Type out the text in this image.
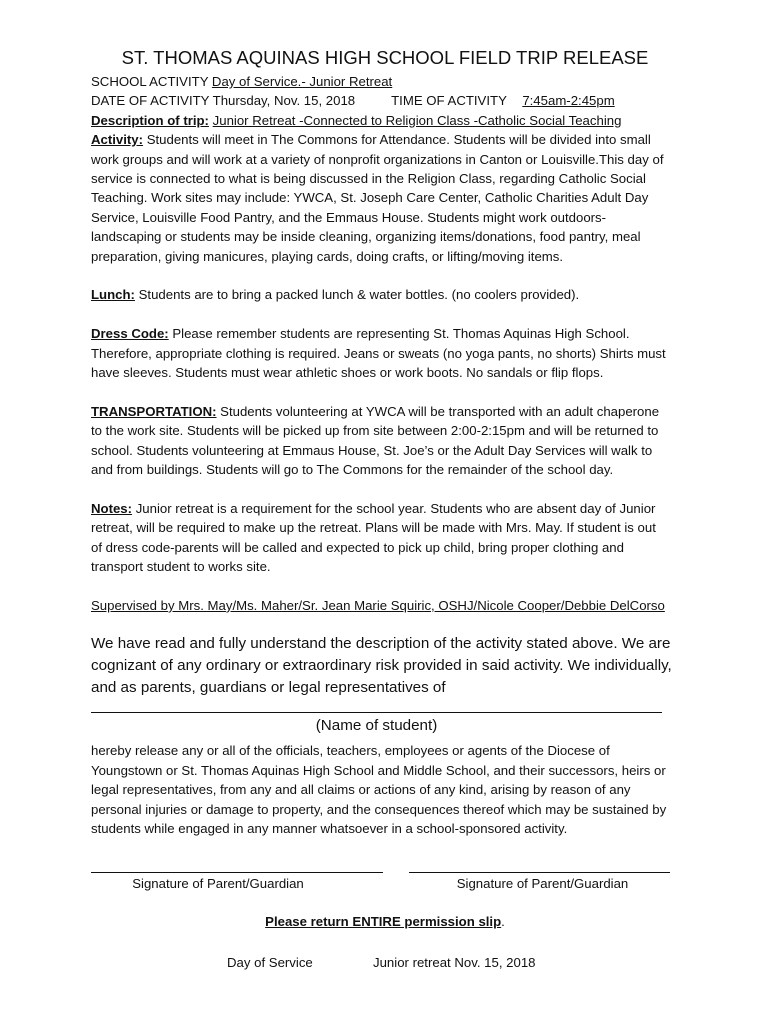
ST. THOMAS AQUINAS HIGH SCHOOL FIELD TRIP RELEASE

SCHOOL ACTIVITY Day of Service.- Junior Retreat

DATE OF ACTIVITY Thursday, Nov. 15, 2018	TIME OF ACTIVITY 7:45am-2:45pm

Description of trip: Junior Retreat -Connected to Religion Class -Catholic Social Teaching

Activity: Students will meet in The Commons for Attendance. Students will be divided into small
work groups and will work at a variety of nonprofit organizations in Canton or Louisville.This day of
service is connected to what is being discussed in the Religion Class, regarding Catholic Social
Teaching. Work sites may include: YWCA, St. Joseph Care Center, Catholic Charities Adult Day
Service, Louisville Food Pantry, and the Emmaus House. Students might work outdoors-
landscaping or students may be inside cleaning, organizing items/donations, food pantry, meal
preparation, giving manicures, playing cards, doing crafts, or lifting/moving items.

Lunch: Students are to bring a packed lunch & water bottles. (no coolers provided).

Dress Code: Please remember students are representing St. Thomas Aquinas High School.
Therefore, appropriate clothing is required. Jeans or sweats (no yoga pants, no shorts) Shirts must
have sleeves. Students must wear athletic shoes or work boots. No sandals or flip flops.

TRANSPORTATION: Students volunteering at YWCA will be transported with an adult chaperone
to the work site. Students will be picked up from site between 2:00-2:15pm and will be returned to
school. Students volunteering at Emmaus House, St. Joe’s or the Adult Day Services will walk to
and from buildings. Students will go to The Commons for the remainder of the school day.

Notes: Junior retreat is a requirement for the school year. Students who are absent day of Junior
retreat, will be required to make up the retreat. Plans will be made with Mrs. May. If student is out
of dress code-parents will be called and expected to pick up child, bring proper clothing and
transport student to works site.

Supervised by Mrs. May/Ms. Maher/Sr. Jean Marie Squiric, OSHJ/Nicole Cooper/Debbie DelCorso

We have read and fully understand the description of the activity stated above. We are

cognizant of any ordinary or extraordinary risk provided in said activity. We individually,

and as parents, guardians or legal representatives of

(Name of student)

hereby release any or all of the officials, teachers, employees or agents of the Diocese of

Youngstown or St. Thomas Aquinas High School and Middle School, and their successors, heirs or

legal representatives, from any and all claims or actions of any kind, arising by reason of any

personal injuries or damage to property, and the consequences thereof which may be sustained by

students while engaged in any manner whatsoever in a school-sponsored activity.

Signature of Parent/Guardian	Signature of Parent/Guardian
Please return ENTIRE permission slip.
Day of Service	Junior retreat Nov. 15, 2018
